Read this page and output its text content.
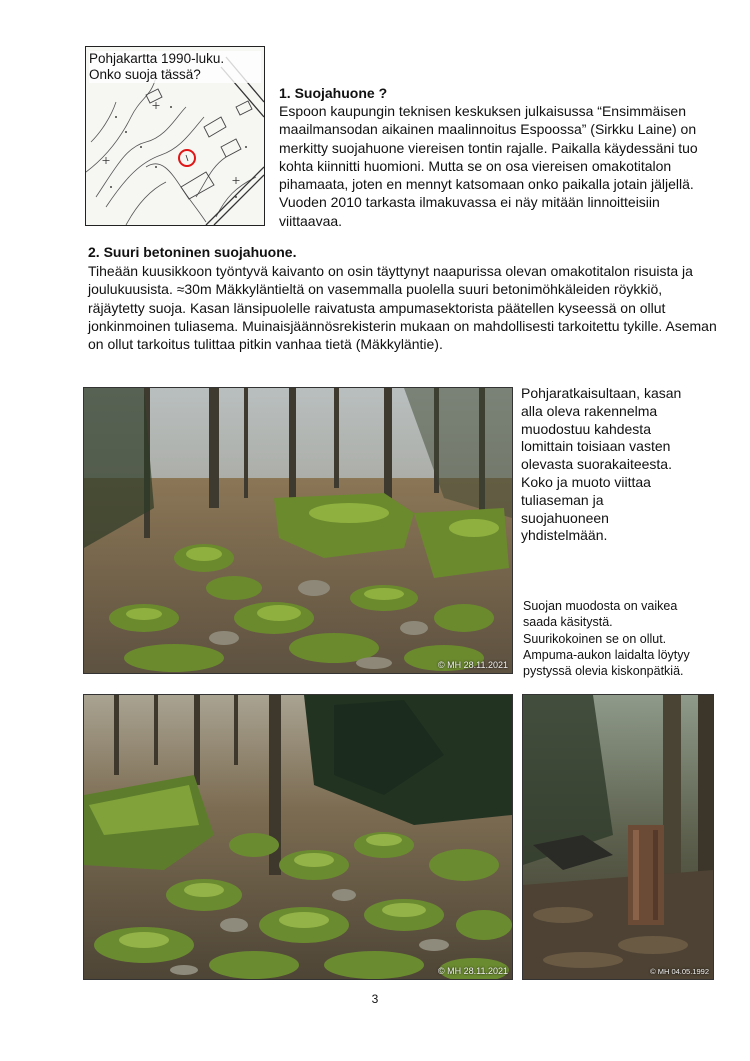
Pohjakartta 1990-luku.
Onko suoja tässä?
1. Suojahuone ?
Espoon kaupungin teknisen keskuksen julkaisussa “Ensimmäisen maailmansodan aikainen maalinnoitus Espoossa” (Sirkku Laine) on merkitty suojahuone viereisen tontin rajalle. Paikalla käydessäni tuo kohta kiinnitti huomioni. Mutta se on osa viereisen omakotitalon pihamaata, joten en mennyt katsomaan onko paikalla jotain jäljellä. Vuoden 2010 tarkasta ilmakuvassa ei näy mitään linnoitteisiin viittaavaa.
2. Suuri betoninen suojahuone.
Tiheään kuusikkoon työntyvä kaivanto on osin täyttynyt naapurissa olevan omakotitalon risuista ja joulukuusista. ≈30m Mäkkyläntieltä on vasemmalla puolella suuri betonimöhkäleiden röykkiö, räjäytetty suoja. Kasan länsipuolelle raivatusta ampumasektorista päätellen kyseessä on ollut jonkinmoinen tuliasema. Muinaisjäännösrekisterin mukaan on mahdollisesti tarkoitettu tykille. Aseman on ollut tarkoitus tulittaa pitkin vanhaa tietä (Mäkkyläntie).
© MH 28.11.2021
Pohjaratkaisultaan, kasan
alla oleva rakennelma
muodostuu kahdesta
lomittain toisiaan vasten
olevasta suorakaiteesta.
Koko ja muoto viittaa
tuliaseman ja
suojahuoneen
yhdistelmään.
Suojan muodosta on vaikea
saada käsitystä.
Suurikokoinen se on ollut.
Ampuma-aukon laidalta löytyy
pystyssä olevia kiskonpätkiä.
© MH 28.11.2021	© MH 04.05.1992
3
